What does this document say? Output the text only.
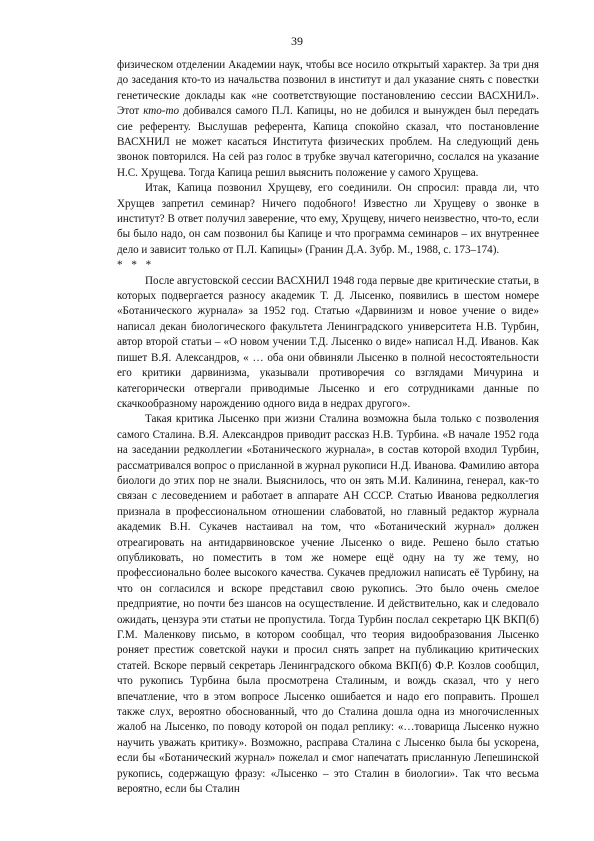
39

физическом отделении Академии наук, чтобы все носило открытый характер. За три дня до заседания кто-то из начальства позвонил в институт и дал указание снять с повестки генетические доклады как «не соответствующие постановлению сессии ВАСХНИЛ». Этот кто-то добивался самого П.Л. Капицы, но не добился и вынужден был передать сие референту. Выслушав референта, Капица спокойно сказал, что постановление ВАСХНИЛ не может касаться Института физических проблем. На следующий день звонок повторился. На сей раз голос в трубке звучал категорично, сослался на указание Н.С. Хрущева. Тогда Капица решил выяснить положение у самого Хрущева.

Итак, Капица позвонил Хрущеву, его соединили. Он спросил: правда ли, что Хрущев запретил семинар? Ничего подобного! Известно ли Хрущеву о звонке в институт? В ответ получил заверение, что ему, Хрущеву, ничего неизвестно, что-то, если бы было надо, он сам позвонил бы Капице и что программа семинаров – их внутреннее дело и зависит только от П.Л. Капицы» (Гранин Д.А. Зубр. М., 1988, с. 173–174).

* * *

После августовской сессии ВАСХНИЛ 1948 года первые две критические статьи, в которых подвергается разносу академик Т. Д. Лысенко, появились в шестом номере «Ботанического журнала» за 1952 год. Статью «Дарвинизм и новое учение о виде» написал декан биологического факультета Ленинградского университета Н.В. Турбин, автор второй статьи – «О новом учении Т.Д. Лысенко о виде» написал Н.Д. Иванов. Как пишет В.Я. Александров, « … оба они обвиняли Лысенко в полной несостоятельности его критики дарвинизма, указывали противоречия со взглядами Мичурина и категорически отвергали приводимые Лысенко и его сотрудниками данные по скачкообразному нарождению одного вида в недрах другого».

Такая критика Лысенко при жизни Сталина возможна была только с позволения самого Сталина. В.Я. Александров приводит рассказ Н.В. Турбина. «В начале 1952 года на заседании редколлегии «Ботанического журнала», в состав которой входил Турбин, рассматривался вопрос о присланной в журнал рукописи Н.Д. Иванова. Фамилию автора биологи до этих пор не знали. Выяснилось, что он зять М.И. Калинина, генерал, как-то связан с лесоведением и работает в аппарате АН СССР. Статью Иванова редколлегия признала в профессиональном отношении слабоватой, но главный редактор журнала академик В.Н. Сукачев настаивал на том, что «Ботанический журнал» должен отреагировать на антидарвиновское учение Лысенко о виде. Решено было статью опубликовать, но поместить в том же номере ещё одну на ту же тему, но профессионально более высокого качества. Сукачев предложил написать её Турбину, на что он согласился и вскоре представил свою рукопись. Это было очень смелое предприятие, но почти без шансов на осуществление. И действительно, как и следовало ожидать, цензура эти статьи не пропустила. Тогда Турбин послал секретарю ЦК ВКП(б) Г.М. Маленкову письмо, в котором сообщал, что теория видообразования Лысенко роняет престиж советской науки и просил снять запрет на публикацию критических статей. Вскоре первый секретарь Ленинградского обкома ВКП(б) Ф.Р. Козлов сообщил, что рукопись Турбина была просмотрена Сталиным, и вождь сказал, что у него впечатление, что в этом вопросе Лысенко ошибается и надо его поправить. Прошел также слух, вероятно обоснованный, что до Сталина дошла одна из многочисленных жалоб на Лысенко, по поводу которой он подал реплику: «…товарища Лысенко нужно научить уважать критику». Возможно, расправа Сталина с Лысенко была бы ускорена, если бы «Ботанический журнал» пожелал и смог напечатать присланную Лепешинской рукопись, содержащую фразу: «Лысенко – это Сталин в биологии». Так что весьма вероятно, если бы Сталин
